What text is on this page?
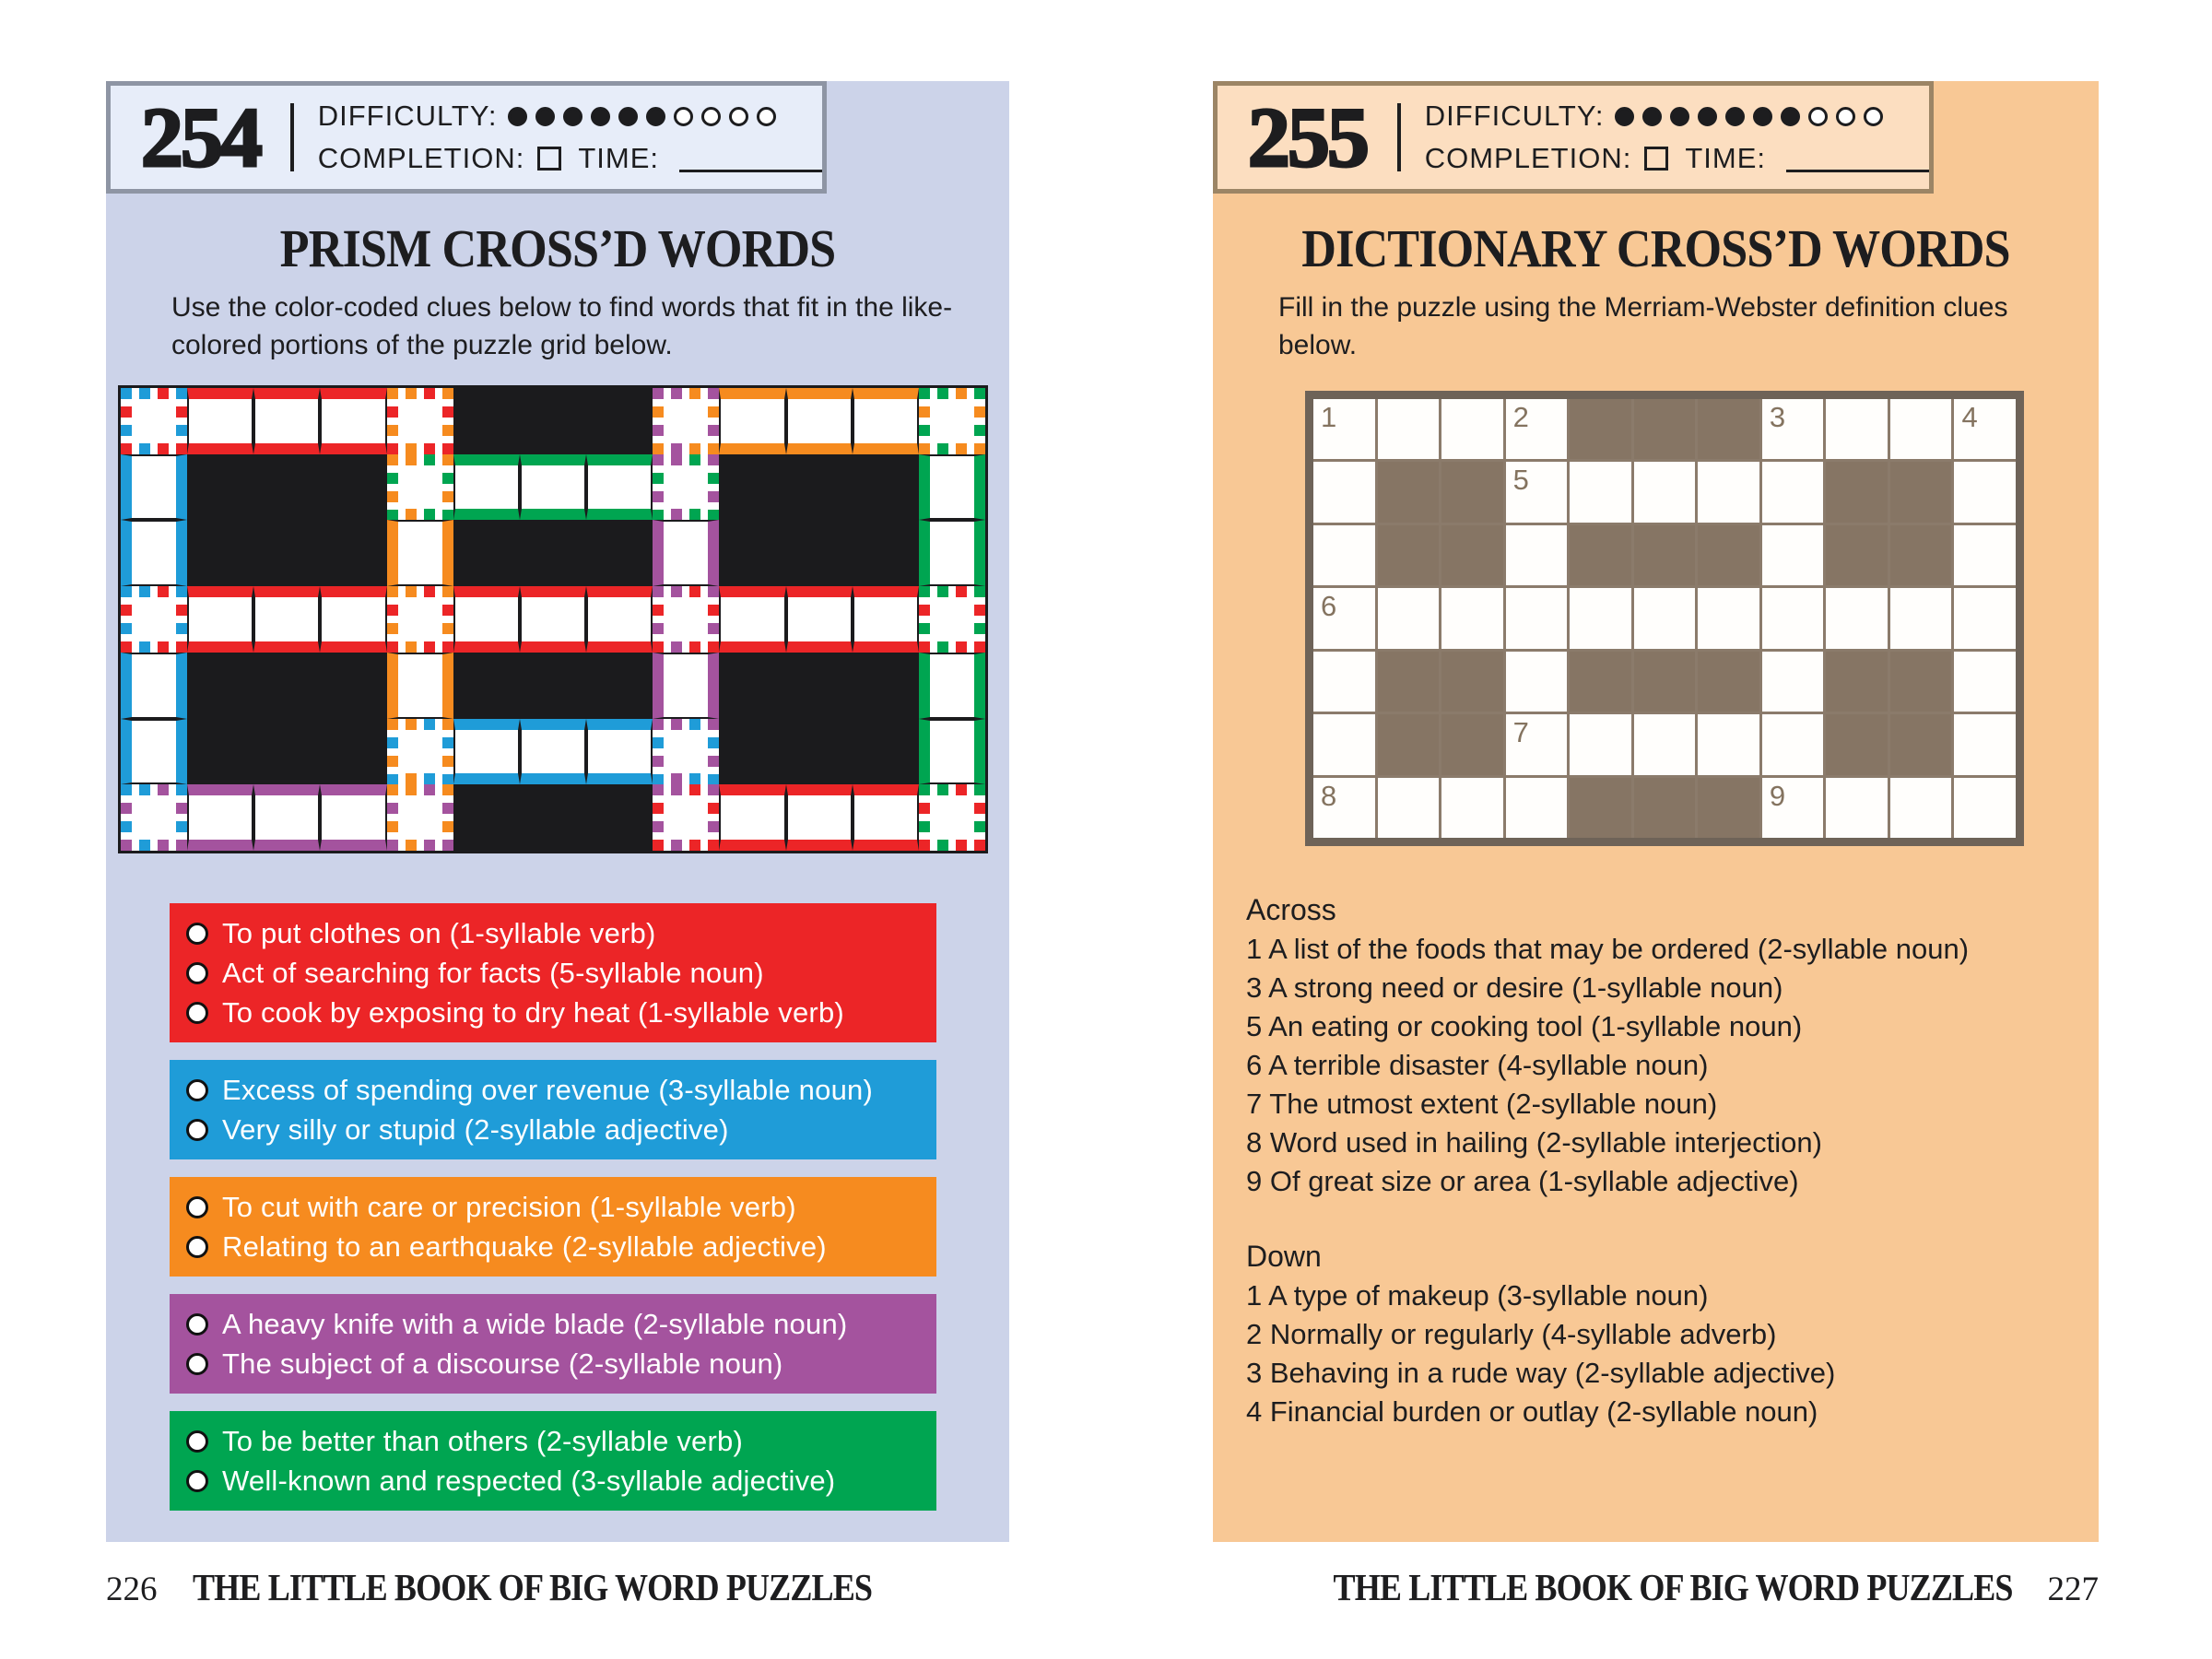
254	DIFFICULTY:
COMPLETION: TIME:
PRISM CROSS’D WORDS
Use the color-coded clues below to find words that fit in the like-colored portions of the puzzle grid below.
To put clothes on (1-syllable verb)
Act of searching for facts (5-syllable noun)
To cook by exposing to dry heat (1-syllable verb)
Excess of spending over revenue (3-syllable noun)
Very silly or stupid (2-syllable adjective)
To cut with care or precision (1-syllable verb)
Relating to an earthquake (2-syllable adjective)
A heavy knife with a wide blade (2-syllable noun)
The subject of a discourse (2-syllable noun)
To be better than others (2-syllable verb)
Well-known and respected (3-syllable adjective)
255	DIFFICULTY:
COMPLETION: TIME:
DICTIONARY CROSS’D WORDS
Fill in the puzzle using the Merriam-Webster definition clues below.
1	2	3	4
5
6
7
8	9
Across
1 A list of the foods that may be ordered (2-syllable noun)
3 A strong need or desire (1-syllable noun)
5 An eating or cooking tool (1-syllable noun)
6 A terrible disaster (4-syllable noun)
7 The utmost extent (2-syllable noun)
8 Word used in hailing (2-syllable interjection)
9 Of great size or area (1-syllable adjective)
Down
1 A type of makeup (3-syllable noun)
2 Normally or regularly (4-syllable adverb)
3 Behaving in a rude way (2-syllable adjective)
4 Financial burden or outlay (2-syllable noun)
226 THE LITTLE BOOK OF BIG WORD PUZZLES	THE LITTLE BOOK OF BIG WORD PUZZLES 227
